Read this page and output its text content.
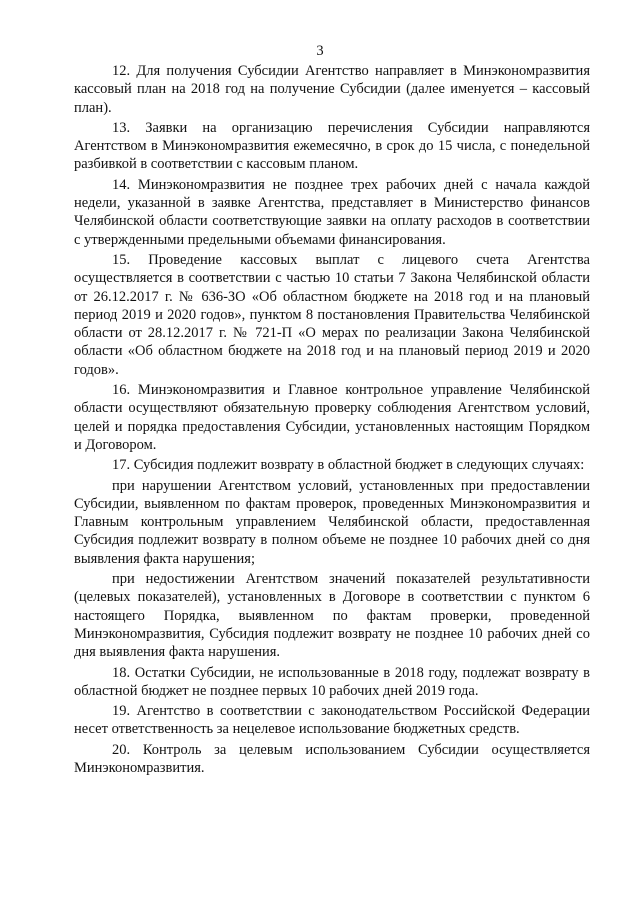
3

12. Для получения Субсидии Агентство направляет в Минэкономразвития кассовый план на 2018 год на получение Субсидии (далее именуется – кассовый план).

13. Заявки на организацию перечисления Субсидии направляются Агентством в Минэкономразвития ежемесячно, в срок до 15 числа, с понедельной разбивкой в соответствии с кассовым планом.

14. Минэкономразвития не позднее трех рабочих дней с начала каждой недели, указанной в заявке Агентства, представляет в Министерство финансов Челябинской области соответствующие заявки на оплату расходов в соответствии с утвержденными предельными объемами финансирования.

15. Проведение кассовых выплат с лицевого счета Агентства осуществляется в соответствии с частью 10 статьи 7 Закона Челябинской области от 26.12.2017 г. № 636-ЗО «Об областном бюджете на 2018 год и на плановый период 2019 и 2020 годов», пунктом 8 постановления Правительства Челябинской области от 28.12.2017 г. № 721-П «О мерах по реализации Закона Челябинской области «Об областном бюджете на 2018 год и на плановый период 2019 и 2020 годов».

16. Минэкономразвития и Главное контрольное управление Челябинской области осуществляют обязательную проверку соблюдения Агентством условий, целей и порядка предоставления Субсидии, установленных настоящим Порядком и Договором.

17. Субсидия подлежит возврату в областной бюджет в следующих случаях:

при нарушении Агентством условий, установленных при предоставлении Субсидии, выявленном по фактам проверок, проведенных Минэкономразвития и Главным контрольным управлением Челябинской области, предоставленная Субсидия подлежит возврату в полном объеме не позднее 10 рабочих дней со дня выявления факта нарушения;

при недостижении Агентством значений показателей результативности (целевых показателей), установленных в Договоре в соответствии с пунктом 6 настоящего Порядка, выявленном по фактам проверки, проведенной Минэкономразвития, Субсидия подлежит возврату не позднее 10 рабочих дней со дня выявления факта нарушения.

18. Остатки Субсидии, не использованные в 2018 году, подлежат возврату в областной бюджет не позднее первых 10 рабочих дней 2019 года.

19. Агентство в соответствии с законодательством Российской Федерации несет ответственность за нецелевое использование бюджетных средств.

20. Контроль за целевым использованием Субсидии осуществляется Минэкономразвития.
